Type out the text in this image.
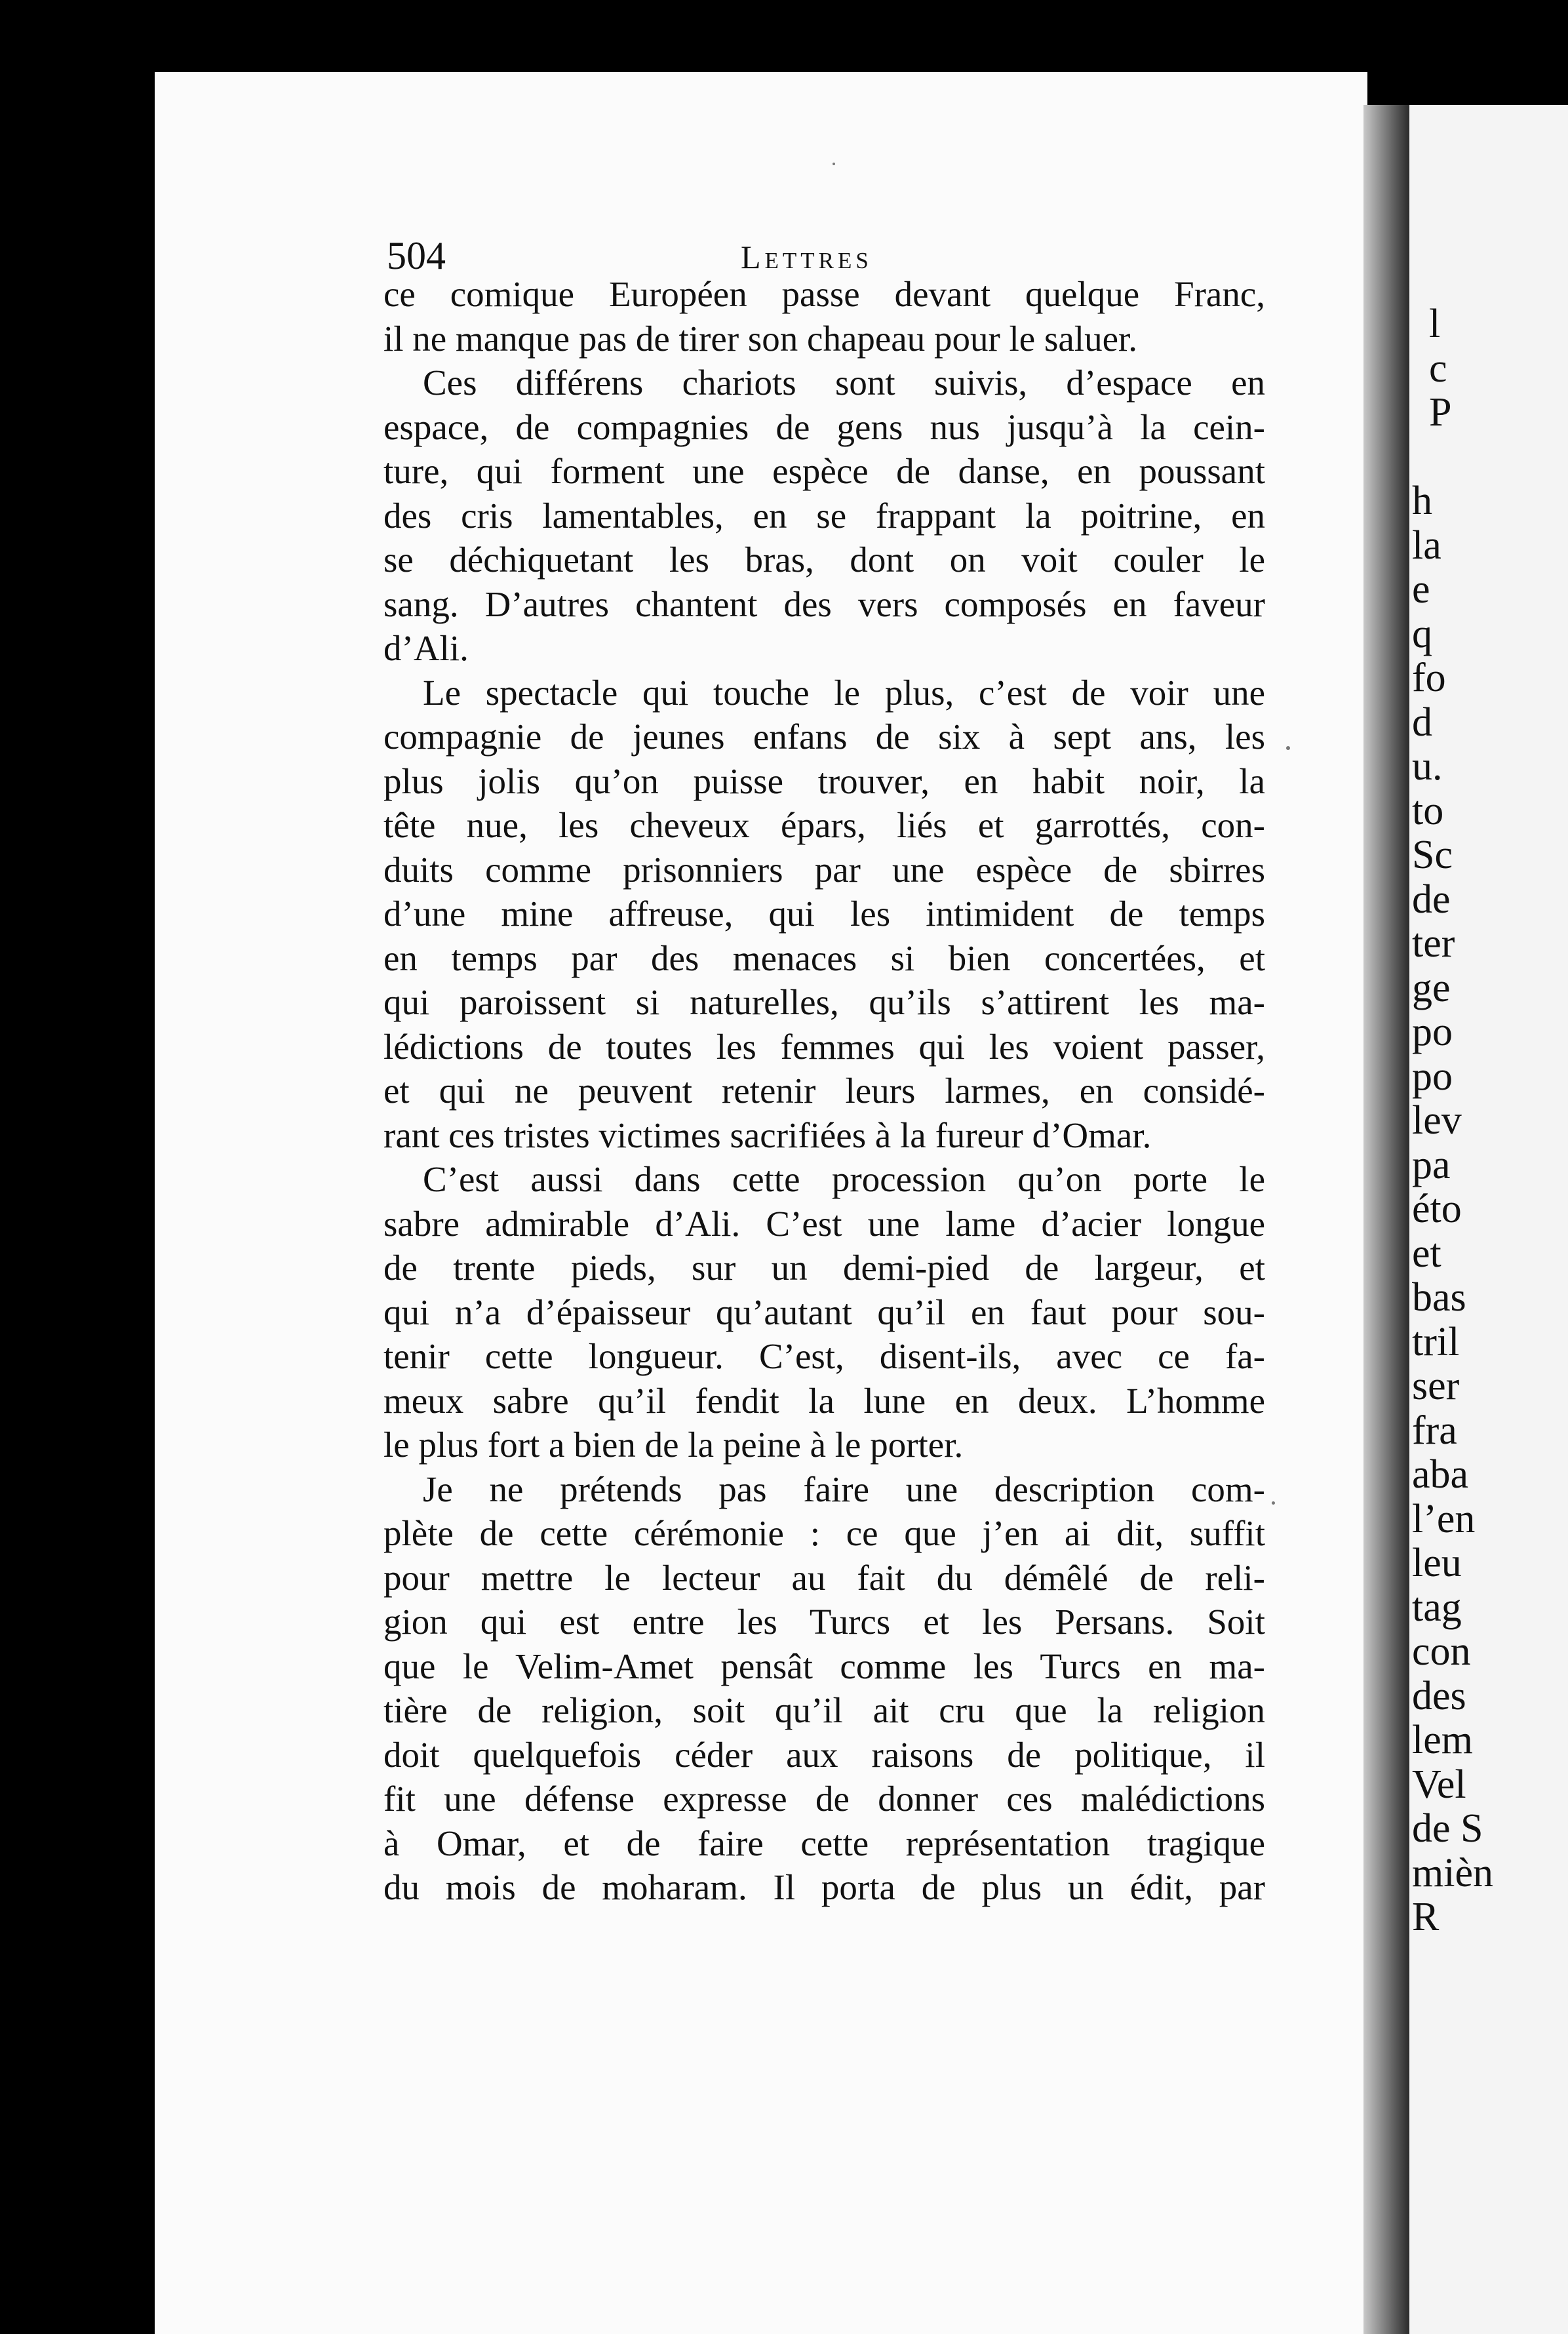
l
c
P
h
la
e
q
fo
d
u.
to
Sc
de
ter
ge
po
po
lev
pa
éto
et
bas
tril
ser
fra
aba
l’en
leu
tag
con
des
lem
Vel
de S
mièn
R
504	Lettres
ce comique Européen passe devant quelque Franc,
il ne manque pas de tirer son chapeau pour le saluer.
Ces différens chariots sont suivis, d’espace en
espace, de compagnies de gens nus jusqu’à la cein-
ture, qui forment une espèce de danse, en poussant
des cris lamentables, en se frappant la poitrine, en
se déchiquetant les bras, dont on voit couler le
sang. D’autres chantent des vers composés en faveur
d’Ali.
Le spectacle qui touche le plus, c’est de voir une
compagnie de jeunes enfans de six à sept ans, les
plus jolis qu’on puisse trouver, en habit noir, la
tête nue, les cheveux épars, liés et garrottés, con-
duits comme prisonniers par une espèce de sbirres
d’une mine affreuse, qui les intimident de temps
en temps par des menaces si bien concertées, et
qui paroissent si naturelles, qu’ils s’attirent les ma-
lédictions de toutes les femmes qui les voient passer,
et qui ne peuvent retenir leurs larmes, en considé-
rant ces tristes victimes sacrifiées à la fureur d’Omar.
C’est aussi dans cette procession qu’on porte le
sabre admirable d’Ali. C’est une lame d’acier longue
de trente pieds, sur un demi-pied de largeur, et
qui n’a d’épaisseur qu’autant qu’il en faut pour sou-
tenir cette longueur. C’est, disent-ils, avec ce fa-
meux sabre qu’il fendit la lune en deux. L’homme
le plus fort a bien de la peine à le porter.
Je ne prétends pas faire une description com-
plète de cette cérémonie : ce que j’en ai dit, suffit
pour mettre le lecteur au fait du démêlé de reli-
gion qui est entre les Turcs et les Persans. Soit
que le Velim-Amet pensât comme les Turcs en ma-
tière de religion, soit qu’il ait cru que la religion
doit quelquefois céder aux raisons de politique, il
fit une défense expresse de donner ces malédictions
à Omar, et de faire cette représentation tragique
du mois de moharam. Il porta de plus un édit, par
